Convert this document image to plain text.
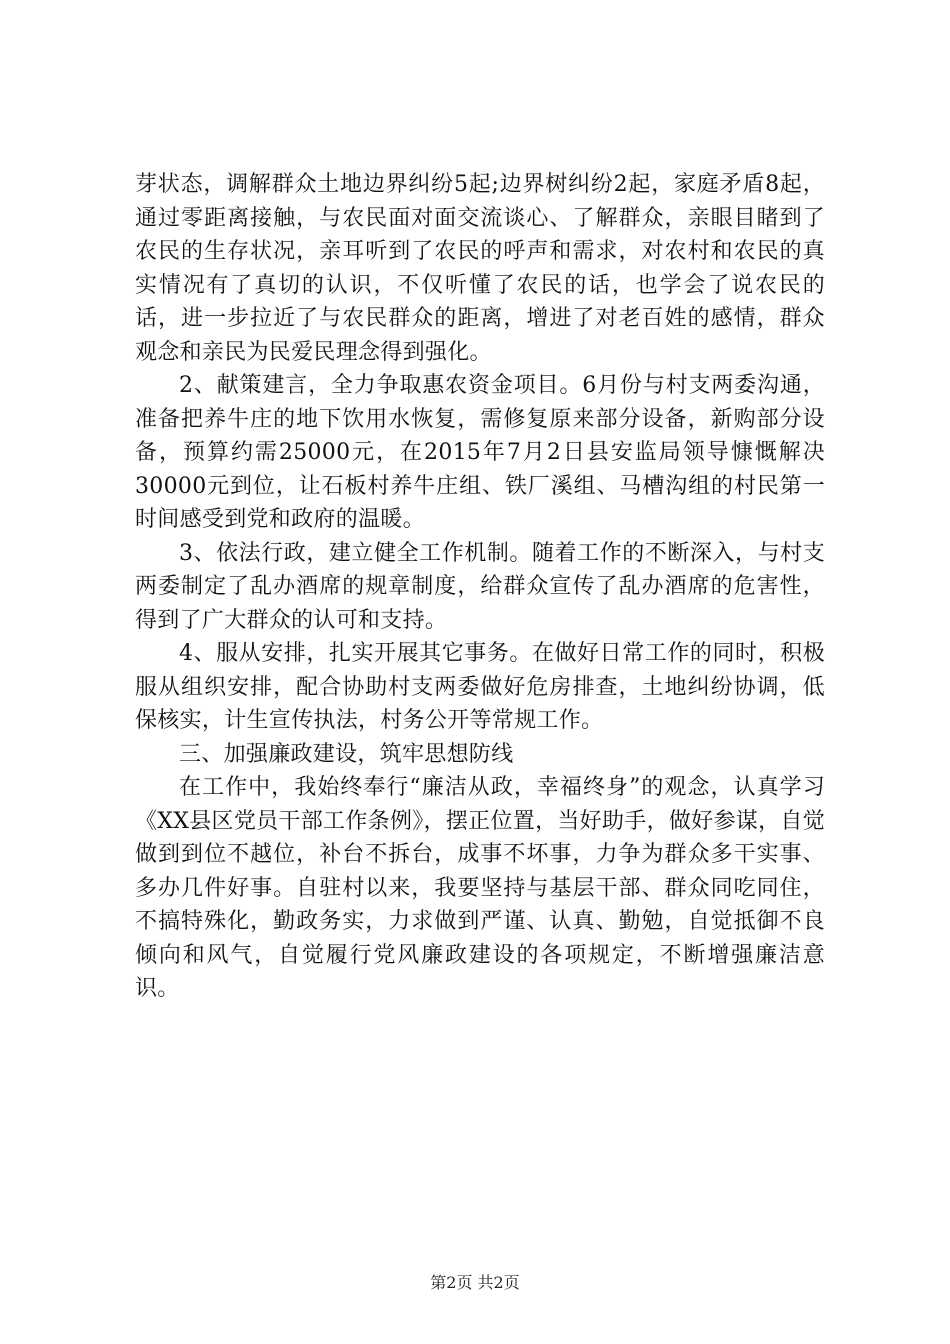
芽状态，调解群众土地边界纠纷5起;边界树纠纷2起，家庭矛盾8起，通过零距离接触，与农民面对面交流谈心、了解群众，亲眼目睹到了农民的生存状况，亲耳听到了农民的呼声和需求，对农村和农民的真实情况有了真切的认识，不仅听懂了农民的话，也学会了说农民的话，进一步拉近了与农民群众的距离，增进了对老百姓的感情，群众观念和亲民为民爱民理念得到强化。

2、献策建言，全力争取惠农资金项目。6月份与村支两委沟通，准备把养牛庄的地下饮用水恢复，需修复原来部分设备，新购部分设备，预算约需25000元，在2015年7月2日县安监局领导慷慨解决30000元到位，让石板村养牛庄组、铁厂溪组、马槽沟组的村民第一时间感受到党和政府的温暖。

3、依法行政，建立健全工作机制。随着工作的不断深入，与村支两委制定了乱办酒席的规章制度，给群众宣传了乱办酒席的危害性，得到了广大群众的认可和支持。

4、服从安排，扎实开展其它事务。在做好日常工作的同时，积极服从组织安排，配合协助村支两委做好危房排查，土地纠纷协调，低保核实，计生宣传执法，村务公开等常规工作。

三、加强廉政建设，筑牢思想防线

在工作中，我始终奉行“廉洁从政，幸福终身”的观念，认真学习《XX县区党员干部工作条例》，摆正位置，当好助手，做好参谋，自觉做到到位不越位，补台不拆台，成事不坏事，力争为群众多干实事、多办几件好事。自驻村以来，我要坚持与基层干部、群众同吃同住，不搞特殊化，勤政务实，力求做到严谨、认真、勤勉，自觉抵御不良倾向和风气，自觉履行党风廉政建设的各项规定，不断增强廉洁意识。

第2页 共2页
